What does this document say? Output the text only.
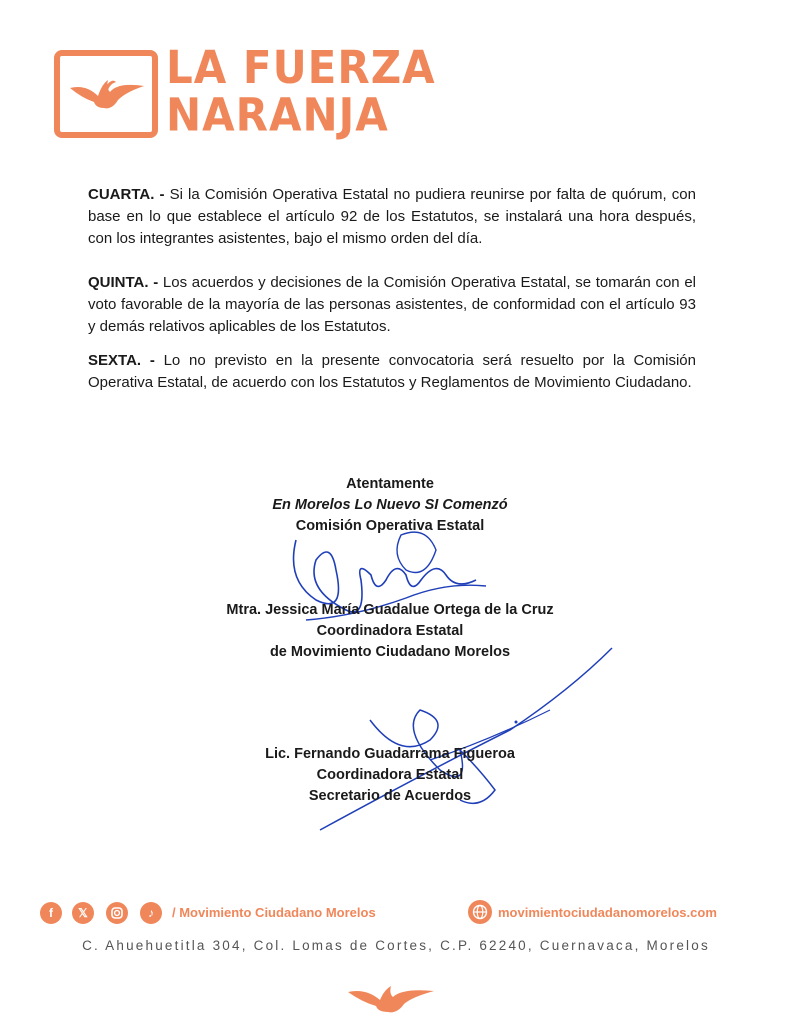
LA FUERZA
NARANJA
CUARTA. - Si la Comisión Operativa Estatal no pudiera reunirse por falta de quórum, con base en lo que establece el artículo 92 de los Estatutos, se instalará una hora después, con los integrantes asistentes, bajo el mismo orden del día.
QUINTA. - Los acuerdos y decisiones de la Comisión Operativa Estatal, se tomarán con el voto favorable de la mayoría de las personas asistentes, de conformidad con el artículo 93 y demás relativos aplicables de los Estatutos.
SEXTA. - Lo no previsto en la presente convocatoria será resuelto por la Comisión Operativa Estatal, de acuerdo con los Estatutos y Reglamentos de Movimiento Ciudadano.
Atentamente
En Morelos Lo Nuevo SI Comenzó
Comisión Operativa Estatal
Mtra. Jessica María Guadalue Ortega de la Cruz
Coordinadora Estatal
de Movimiento Ciudadano Morelos
Lic. Fernando Guadarrama Figueroa
Coordinadora Estatal
Secretario de Acuerdos
f	𝕏	♪	/ Movimiento Ciudadano Morelos	movimientociudadanomorelos.com
C. Ahuehuetitla 304, Col. Lomas de Cortes, C.P. 62240, Cuernavaca, Morelos
